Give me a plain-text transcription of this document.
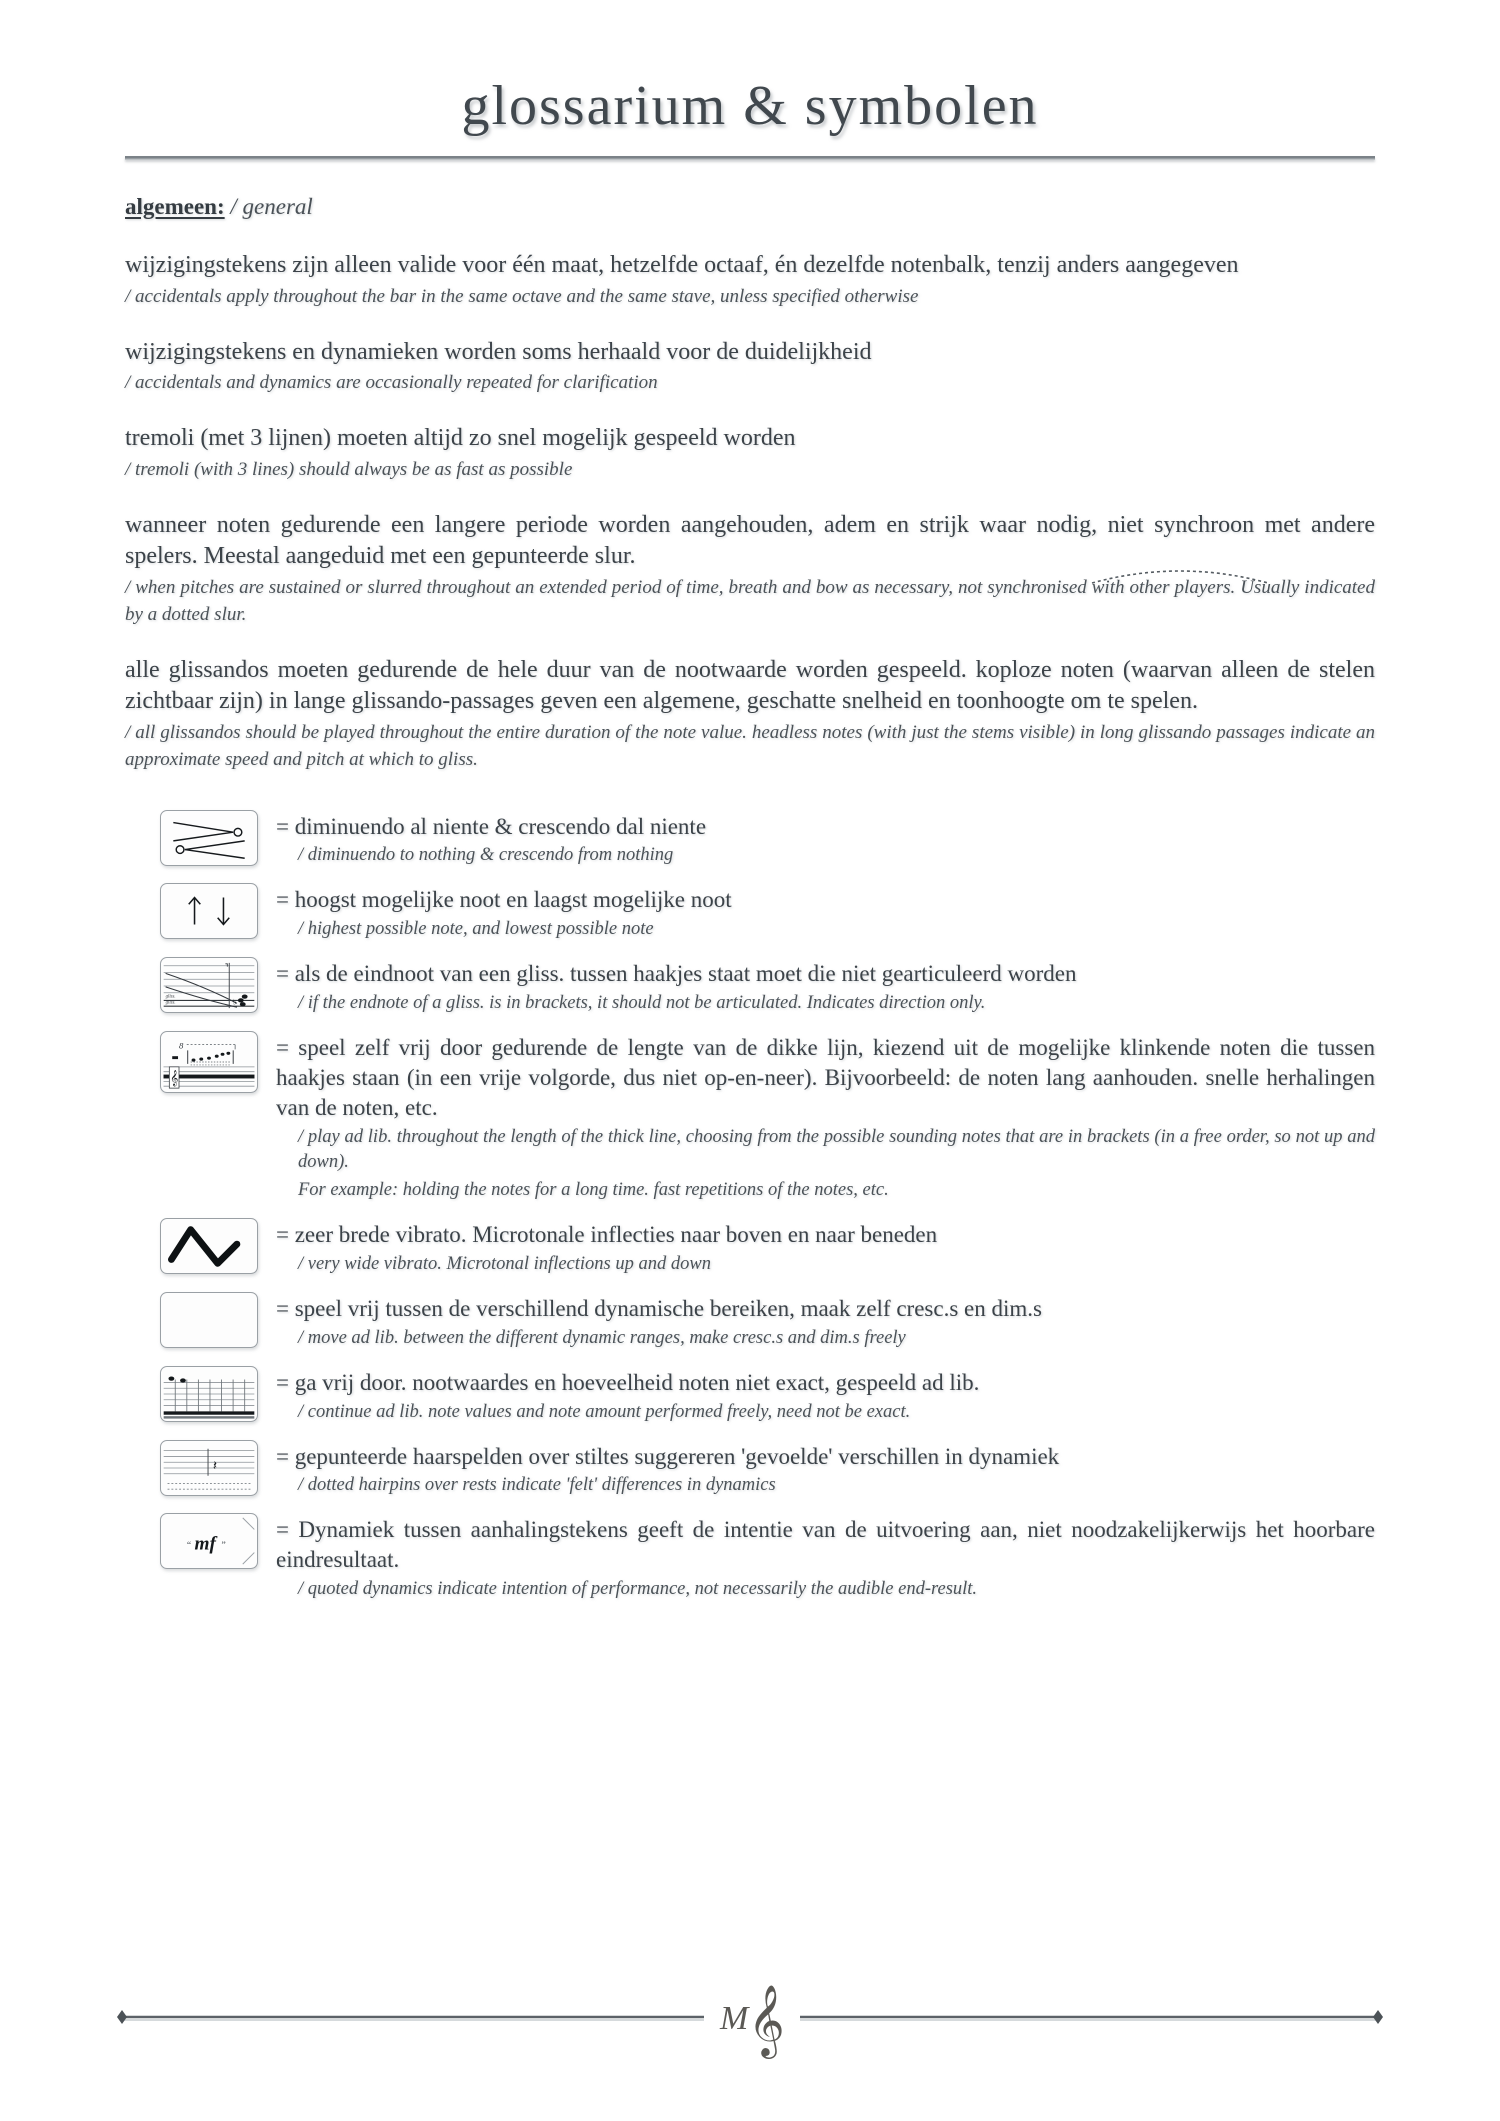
glossarium & symbolen
algemeen: / general
wijzigingstekens zijn alleen valide voor één maat, hetzelfde octaaf, én dezelfde notenbalk, tenzij anders aangegeven
/ accidentals apply throughout the bar in the same octave and the same stave, unless specified otherwise
wijzigingstekens en dynamieken worden soms herhaald voor de duidelijkheid
/ accidentals and dynamics are occasionally repeated for clarification
tremoli (met 3 lijnen) moeten altijd zo snel mogelijk gespeeld worden
/ tremoli (with 3 lines) should always be as fast as possible
wanneer noten gedurende een langere periode worden aangehouden, adem en strijk waar nodig, niet synchroon met andere spelers. Meestal aangeduid met een gepunteerde slur.
/ when pitches are sustained or slurred throughout an extended period of time, breath and bow as necessary, not synchronised with other players. Usually indicated by a dotted slur.
alle glissandos moeten gedurende de hele duur van de nootwaarde worden gespeeld. koploze noten (waarvan alleen de stelen zichtbaar zijn) in lange glissando-passages geven een algemene, geschatte snelheid en toonhoogte om te spelen.
/ all glissandos should be played throughout the entire duration of the note value. headless notes (with just the stems visible) in long glissando passages indicate an approximate speed and pitch at which to gliss.
= diminuendo al niente & crescendo dal niente
/ diminuendo to nothing & crescendo from nothing
= hoogst mogelijke noot en laagst mogelijke noot
/ highest possible note, and lowest possible note
gliss.
gliss.	♭
= als de eindnoot van een gliss. tussen haakjes staat moet die niet gearticuleerd worden
/ if the endnote of a gliss. is in brackets, it should not be articulated. Indicates direction only.
8
𝄞
= speel zelf vrij door gedurende de lengte van de dikke lijn, kiezend uit de mogelijke klinkende noten die tussen haakjes staan (in een vrije volgorde, dus niet op-en-neer). Bijvoorbeeld: de noten lang aanhouden. snelle herhalingen van de noten, etc.
/ play ad lib. throughout the length of the thick line, choosing from the possible sounding notes that are in brackets (in a free order, so not up and down).
For example: holding the notes for a long time. fast repetitions of the notes, etc.
= zeer brede vibrato. Microtonale inflecties naar boven en naar beneden
/ very wide vibrato. Microtonal inflections up and down
= speel vrij tussen de verschillend dynamische bereiken, maak zelf cresc.s en dim.s
/ move ad lib. between the different dynamic ranges, make cresc.s and dim.s freely
= ga vrij door. nootwaardes en hoeveelheid noten niet exact, gespeeld ad lib.
/ continue ad lib. note values and note amount performed freely, need not be exact.
𝄽	= gepunteerde haarspelden over stiltes suggereren 'gevoelde' verschillen in dynamiek
/ dotted hairpins over rests indicate 'felt' differences in dynamics
“ mf ”
= Dynamiek tussen aanhalingstekens geeft de intentie van de uitvoering aan, niet noodzakelijkerwijs het hoorbare eindresultaat.
/ quoted dynamics indicate intention of performance, not necessarily the audible end-result.
M 𝄞
